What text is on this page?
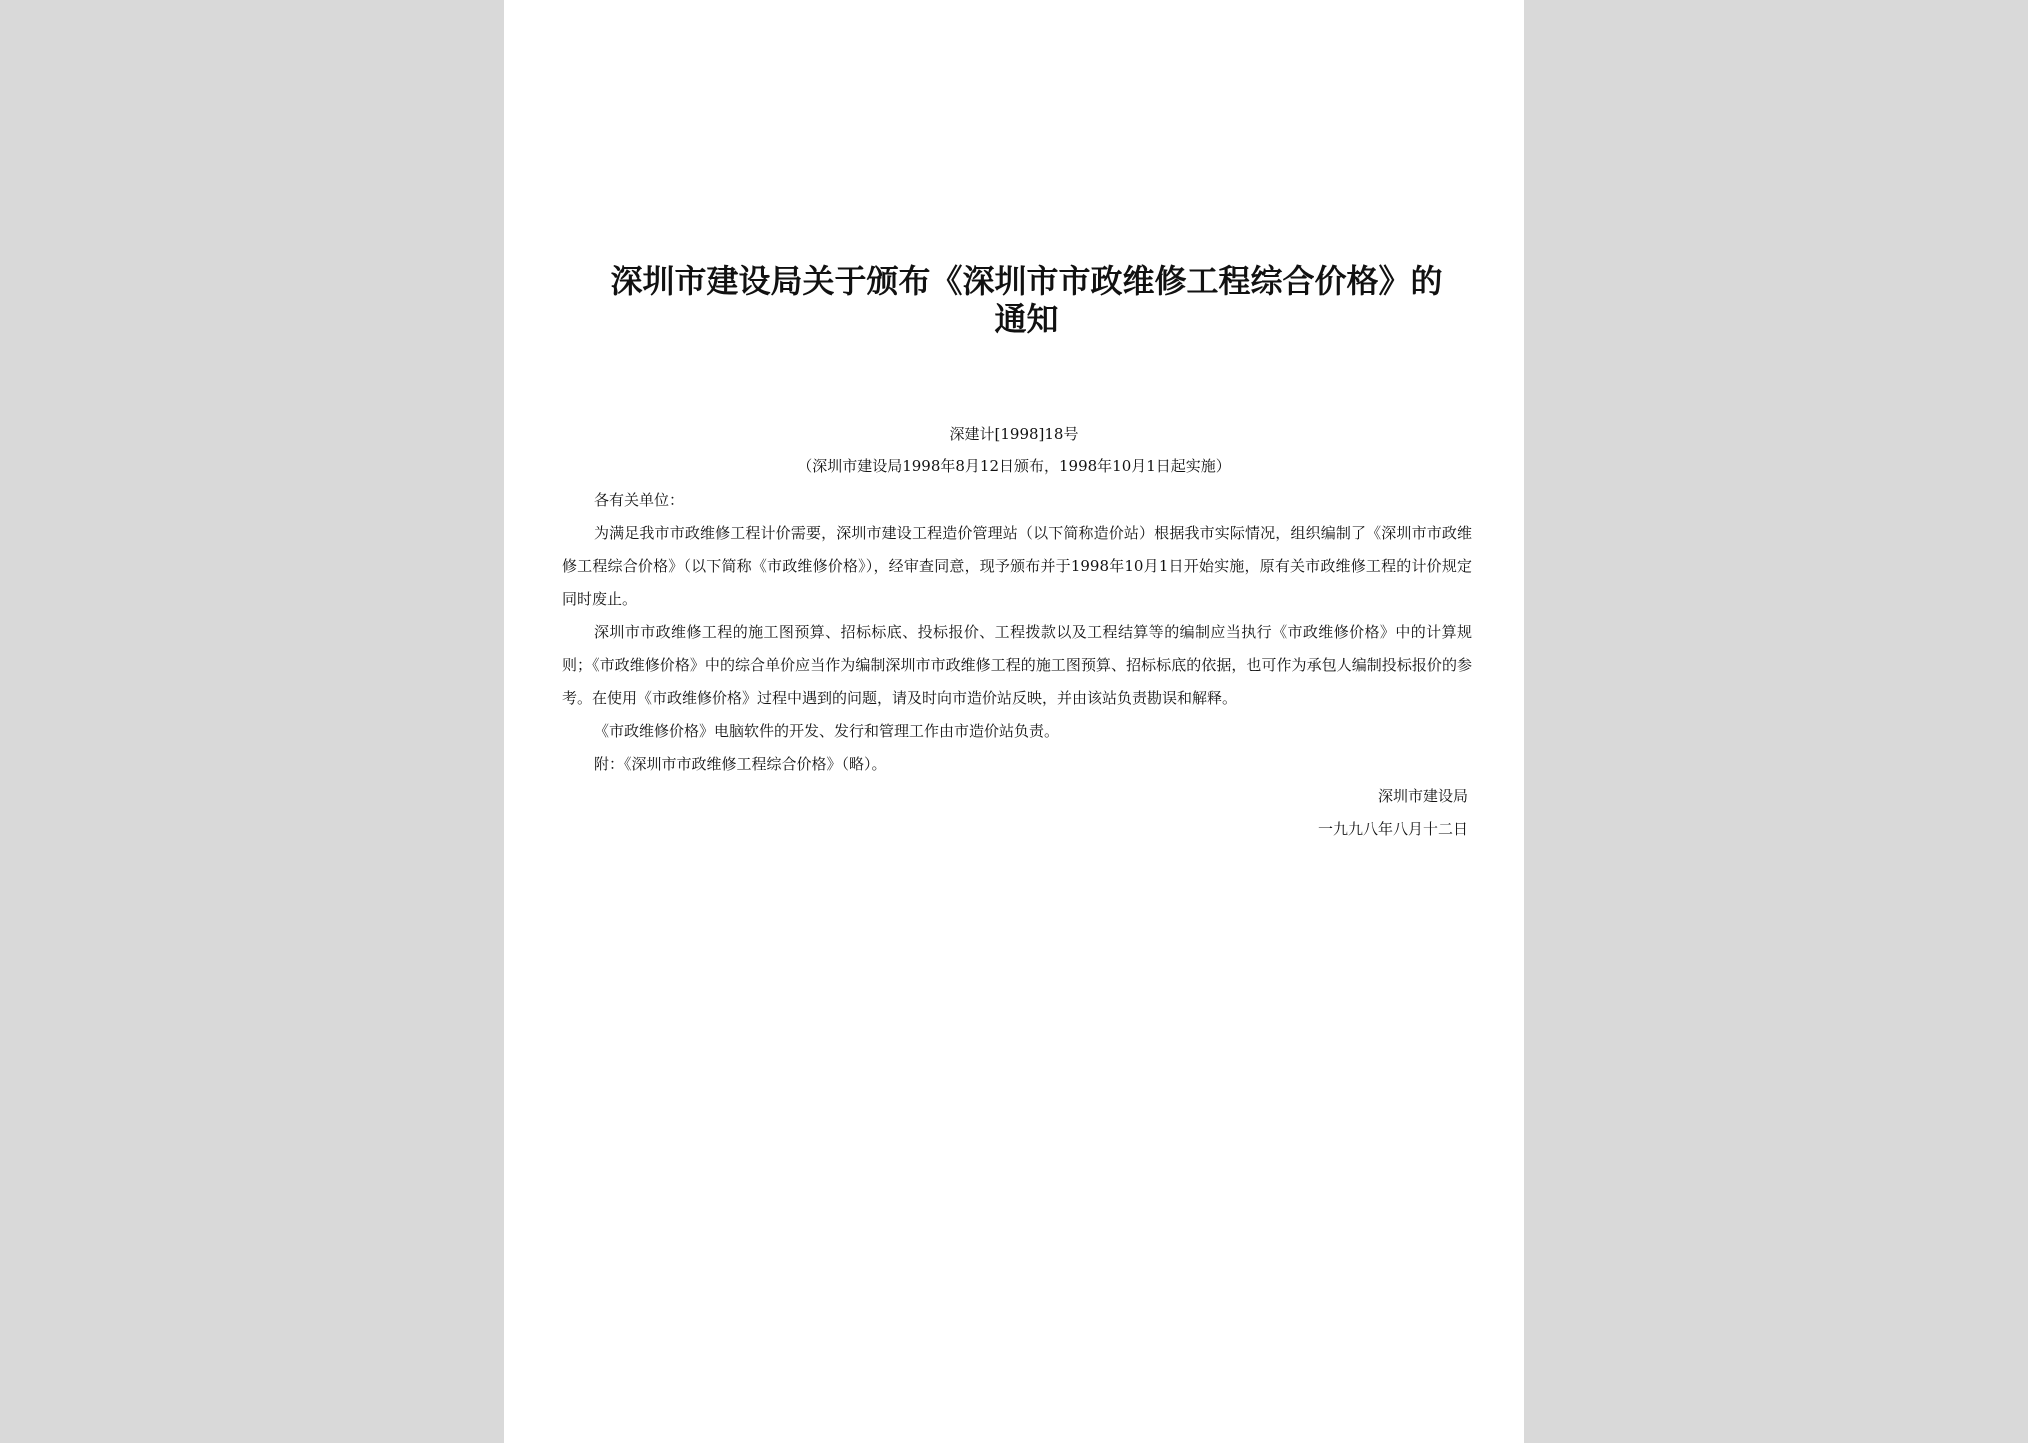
深圳市建设局关于颁布《深圳市市政维修工程综合价格》的通知
深建计[1998]18号
（深圳市建设局1998年8月12日颁布，1998年10月1日起实施）

各有关单位：

为满足我市市政维修工程计价需要，深圳市建设工程造价管理站（以下简称造价站）根据我市实际情况，组织编制了《深圳市市政维修工程综合价格》（以下简称《市政维修价格》），经审查同意，现予颁布并于1998年10月1日开始实施，原有关市政维修工程的计价规定同时废止。

深圳市市政维修工程的施工图预算、招标标底、投标报价、工程拨款以及工程结算等的编制应当执行《市政维修价格》中的计算规则；《市政维修价格》中的综合单价应当作为编制深圳市市政维修工程的施工图预算、招标标底的依据，也可作为承包人编制投标报价的参考。在使用《市政维修价格》过程中遇到的问题，请及时向市造价站反映，并由该站负责勘误和解释。

《市政维修价格》电脑软件的开发、发行和管理工作由市造价站负责。

附：《深圳市市政维修工程综合价格》（略）。

深圳市建设局
一九九八年八月十二日
